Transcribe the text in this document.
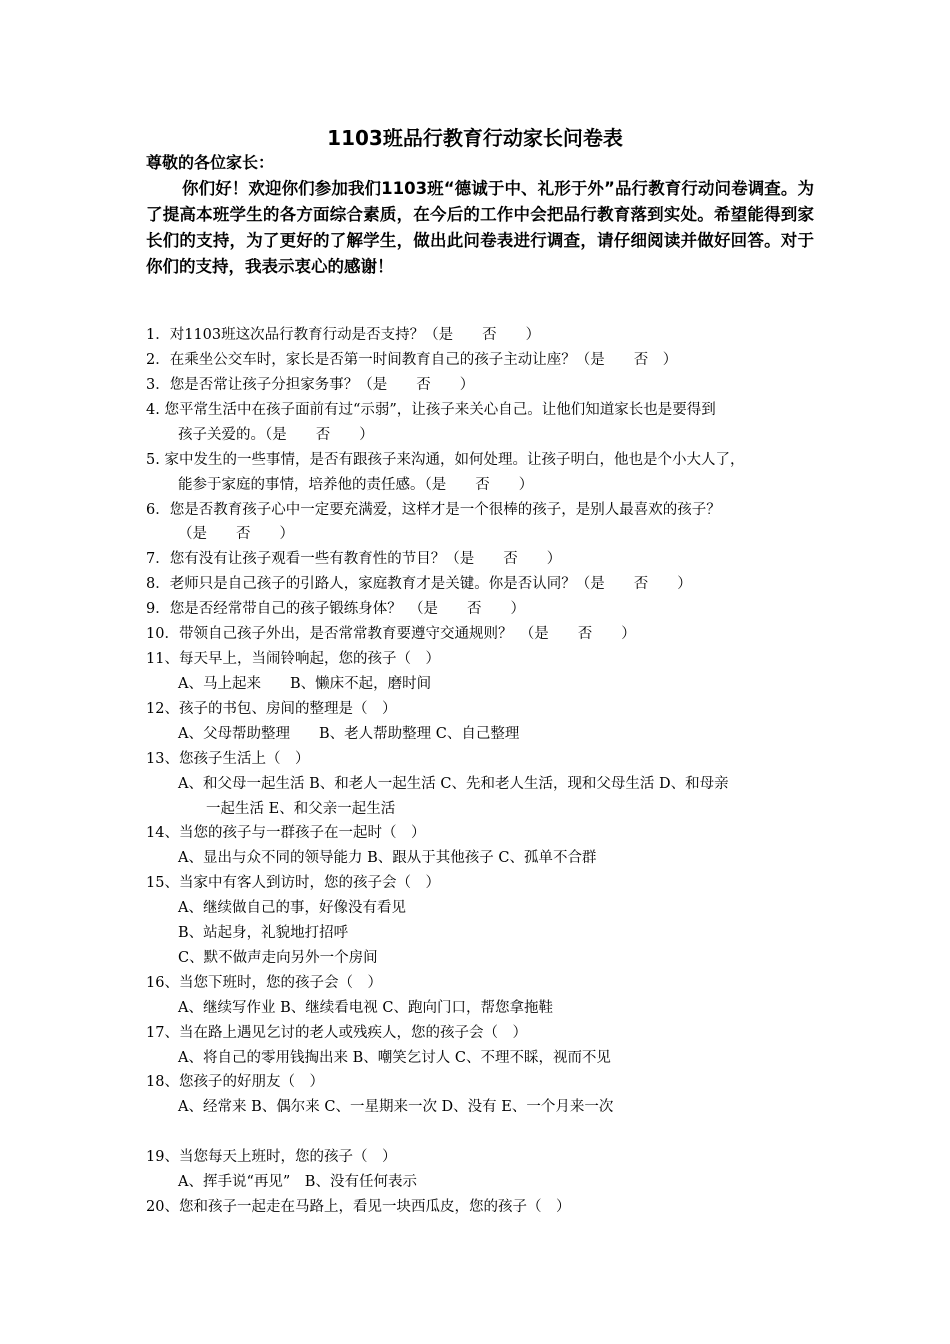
1103班品行教育行动家长问卷表
尊敬的各位家长：
你们好！欢迎你们参加我们1103班“德诚于中、礼形于外”品行教育行动问卷调查。为了提高本班学生的各方面综合素质，在今后的工作中会把品行教育落到实处。希望能得到家长们的支持，为了更好的了解学生，做出此问卷表进行调查，请仔细阅读并做好回答。对于你们的支持，我表示衷心的感谢！
1．对1103班这次品行教育行动是否支持？（是　　否　　）
2．在乘坐公交车时，家长是否第一时间教育自己的孩子主动让座？（是　　否　）
3．您是否常让孩子分担家务事？（是　　否　　）
4. 您平常生活中在孩子面前有过“示弱”，让孩子来关心自己。让他们知道家长也是要得到
孩子关爱的。（是　　否　　）
5. 家中发生的一些事情，是否有跟孩子来沟通，如何处理。让孩子明白，他也是个小大人了，
能参于家庭的事情，培养他的责任感。（是　　否　　）
6．您是否教育孩子心中一定要充满爱，这样才是一个很棒的孩子，是别人最喜欢的孩子？
（是　　否　　）
7．您有没有让孩子观看一些有教育性的节目？（是　　否　　）
8．老师只是自己孩子的引路人，家庭教育才是关键。你是否认同？（是　　否　　）
9．您是否经常带自己的孩子锻练身体？　（是　　否　　）
10．带领自己孩子外出，是否常常教育要遵守交通规则？　（是　　否　　）
11、每天早上，当闹铃响起，您的孩子（　）
A、马上起来　　B、懒床不起，磨时间
12、孩子的书包、房间的整理是（　）
A、父母帮助整理　　B、老人帮助整理 C、自己整理
13、您孩子生活上（　）
A、和父母一起生活 B、和老人一起生活 C、先和老人生活，现和父母生活 D、和母亲
一起生活 E、和父亲一起生活
14、当您的孩子与一群孩子在一起时（　）
A、显出与众不同的领导能力 B、跟从于其他孩子 C、孤单不合群
15、当家中有客人到访时，您的孩子会（　）
A、继续做自己的事，好像没有看见
B、站起身，礼貌地打招呼
C、默不做声走向另外一个房间
16、当您下班时，您的孩子会（　）
A、继续写作业 B、继续看电视 C、跑向门口，帮您拿拖鞋
17、当在路上遇见乞讨的老人或残疾人，您的孩子会（　）
A、将自己的零用钱掏出来 B、嘲笑乞讨人 C、不理不睬，视而不见
18、您孩子的好朋友（　）
A、经常来 B、偶尔来 C、一星期来一次 D、没有 E、一个月来一次
19、当您每天上班时，您的孩子（　）
A、挥手说“再见”　B、没有任何表示
20、您和孩子一起走在马路上，看见一块西瓜皮，您的孩子（　）
